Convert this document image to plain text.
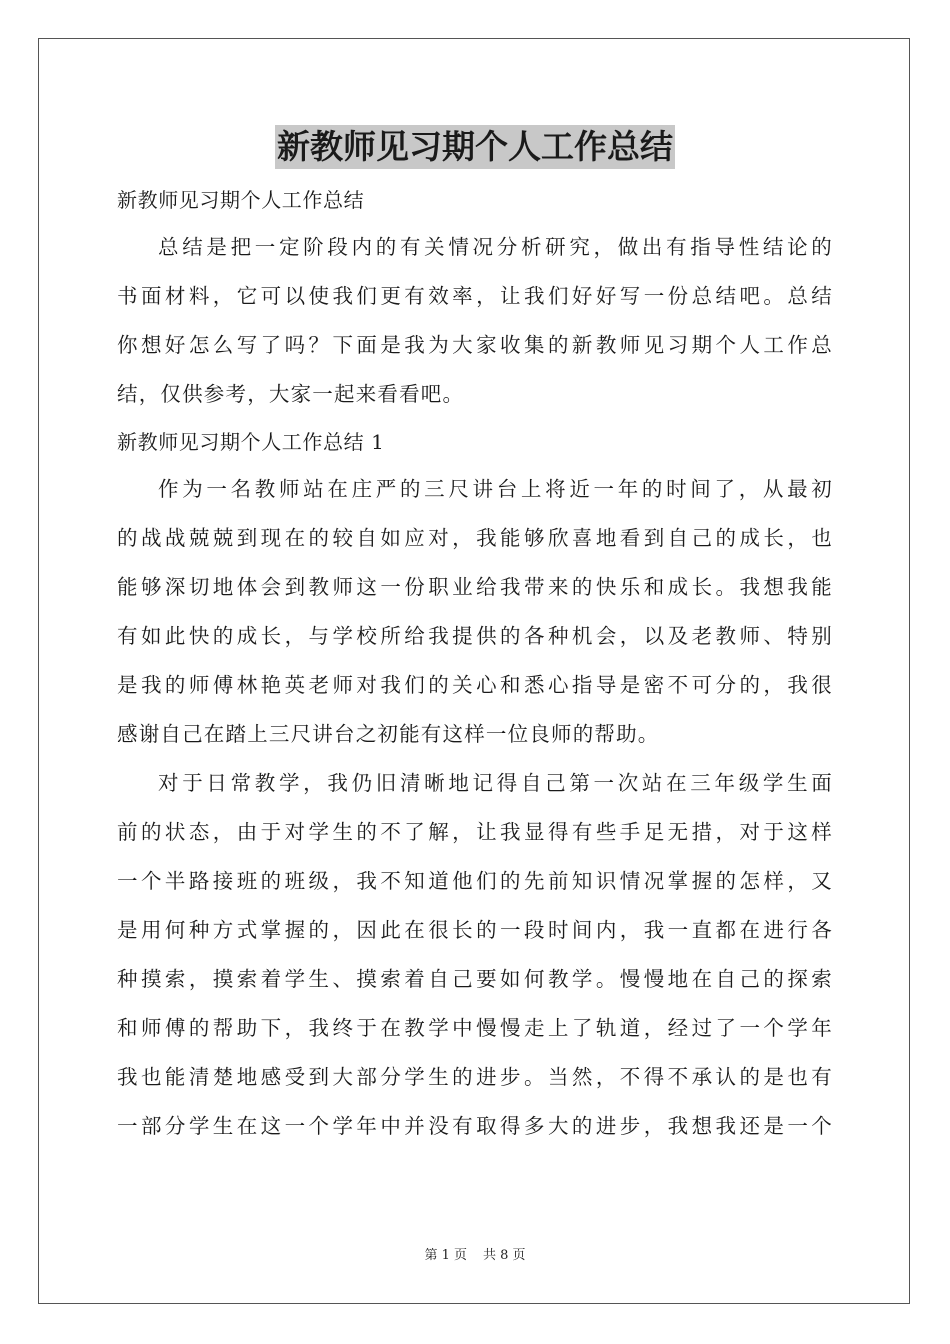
新教师见习期个人工作总结
新教师见习期个人工作总结
总结是把一定阶段内的有关情况分析研究，做出有指导性结论的
书面材料，它可以使我们更有效率，让我们好好写一份总结吧。总结
你想好怎么写了吗？下面是我为大家收集的新教师见习期个人工作总
结，仅供参考，大家一起来看看吧。
新教师见习期个人工作总结 1
作为一名教师站在庄严的三尺讲台上将近一年的时间了，从最初
的战战兢兢到现在的较自如应对，我能够欣喜地看到自己的成长，也
能够深切地体会到教师这一份职业给我带来的快乐和成长。我想我能
有如此快的成长，与学校所给我提供的各种机会，以及老教师、特别
是我的师傅林艳英老师对我们的关心和悉心指导是密不可分的，我很
感谢自己在踏上三尺讲台之初能有这样一位良师的帮助。
对于日常教学，我仍旧清晰地记得自己第一次站在三年级学生面
前的状态，由于对学生的不了解，让我显得有些手足无措，对于这样
一个半路接班的班级，我不知道他们的先前知识情况掌握的怎样，又
是用何种方式掌握的，因此在很长的一段时间内，我一直都在进行各
种摸索，摸索着学生、摸索着自己要如何教学。慢慢地在自己的探索
和师傅的帮助下，我终于在教学中慢慢走上了轨道，经过了一个学年
我也能清楚地感受到大部分学生的进步。当然，不得不承认的是也有
一部分学生在这一个学年中并没有取得多大的进步，我想我还是一个
第 1 页 共 8 页
